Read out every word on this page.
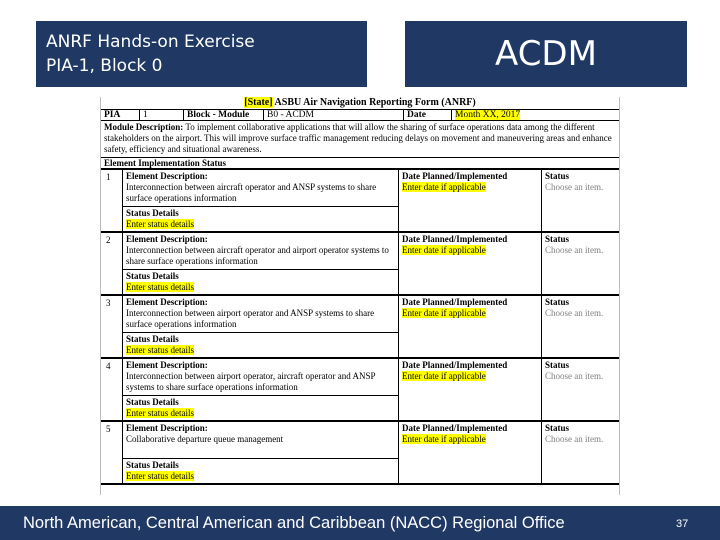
ANRF Hands-on Exercise
PIA-1, Block 0	ACDM
[State] ASBU Air Navigation Reporting Form (ANRF)
PIA	1	Block - Module	B0 - ACDM	Date	Month XX, 2017
Module Description: To implement collaborative applications that will allow the sharing of surface operations data among the different stakeholders on the airport. This will improve surface traffic management reducing delays on movement and maneuvering areas and enhance safety, efficiency and situational awareness.
Element Implementation Status
1	Element Description:
Interconnection between aircraft operator and ANSP systems to share surface operations information
Status Details
Enter status details
Date Planned/Implemented
Enter date if applicable
Status
Choose an item.
2	Element Description:
Interconnection between aircraft operator and airport operator systems to share surface operations information
Status Details
Enter status details
Date Planned/Implemented
Enter date if applicable
Status
Choose an item.
3	Element Description:
Interconnection between airport operator and ANSP systems to share surface operations information
Status Details
Enter status details
Date Planned/Implemented
Enter date if applicable
Status
Choose an item.
4	Element Description:
Interconnection between airport operator, aircraft operator and ANSP systems to share surface operations information
Status Details
Enter status details
Date Planned/Implemented
Enter date if applicable
Status
Choose an item.
5	Element Description:
Collaborative departure queue management
Status Details
Enter status details
Date Planned/Implemented
Enter date if applicable
Status
Choose an item.
North American, Central American and Caribbean (NACC) Regional Office	37
